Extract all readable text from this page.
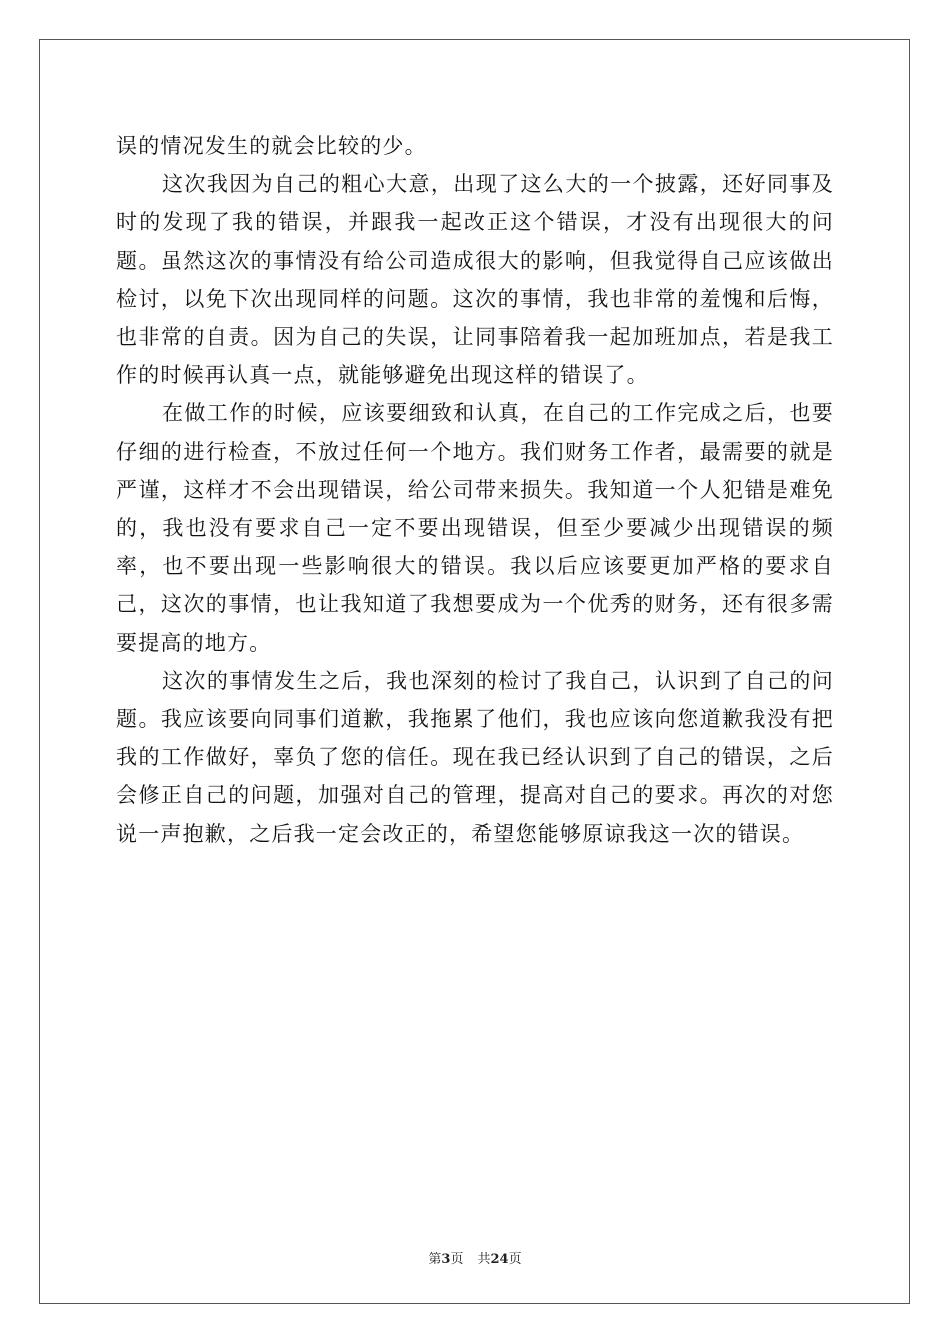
误的情况发生的就会比较的少。

这次我因为自己的粗心大意，出现了这么大的一个披露，还好同事及时的发现了我的错误，并跟我一起改正这个错误，才没有出现很大的问题。虽然这次的事情没有给公司造成很大的影响，但我觉得自己应该做出检讨，以免下次出现同样的问题。这次的事情，我也非常的羞愧和后悔，也非常的自责。因为自己的失误，让同事陪着我一起加班加点，若是我工作的时候再认真一点，就能够避免出现这样的错误了。

在做工作的时候，应该要细致和认真，在自己的工作完成之后，也要仔细的进行检查，不放过任何一个地方。我们财务工作者，最需要的就是严谨，这样才不会出现错误，给公司带来损失。我知道一个人犯错是难免的，我也没有要求自己一定不要出现错误，但至少要减少出现错误的频率，也不要出现一些影响很大的错误。我以后应该要更加严格的要求自己，这次的事情，也让我知道了我想要成为一个优秀的财务，还有很多需要提高的地方。

这次的事情发生之后，我也深刻的检讨了我自己，认识到了自己的问题。我应该要向同事们道歉，我拖累了他们，我也应该向您道歉我没有把我的工作做好，辜负了您的信任。现在我已经认识到了自己的错误，之后会修正自己的问题，加强对自己的管理，提高对自己的要求。再次的对您说一声抱歉，之后我一定会改正的，希望您能够原谅我这一次的错误。

第3页 共24页
